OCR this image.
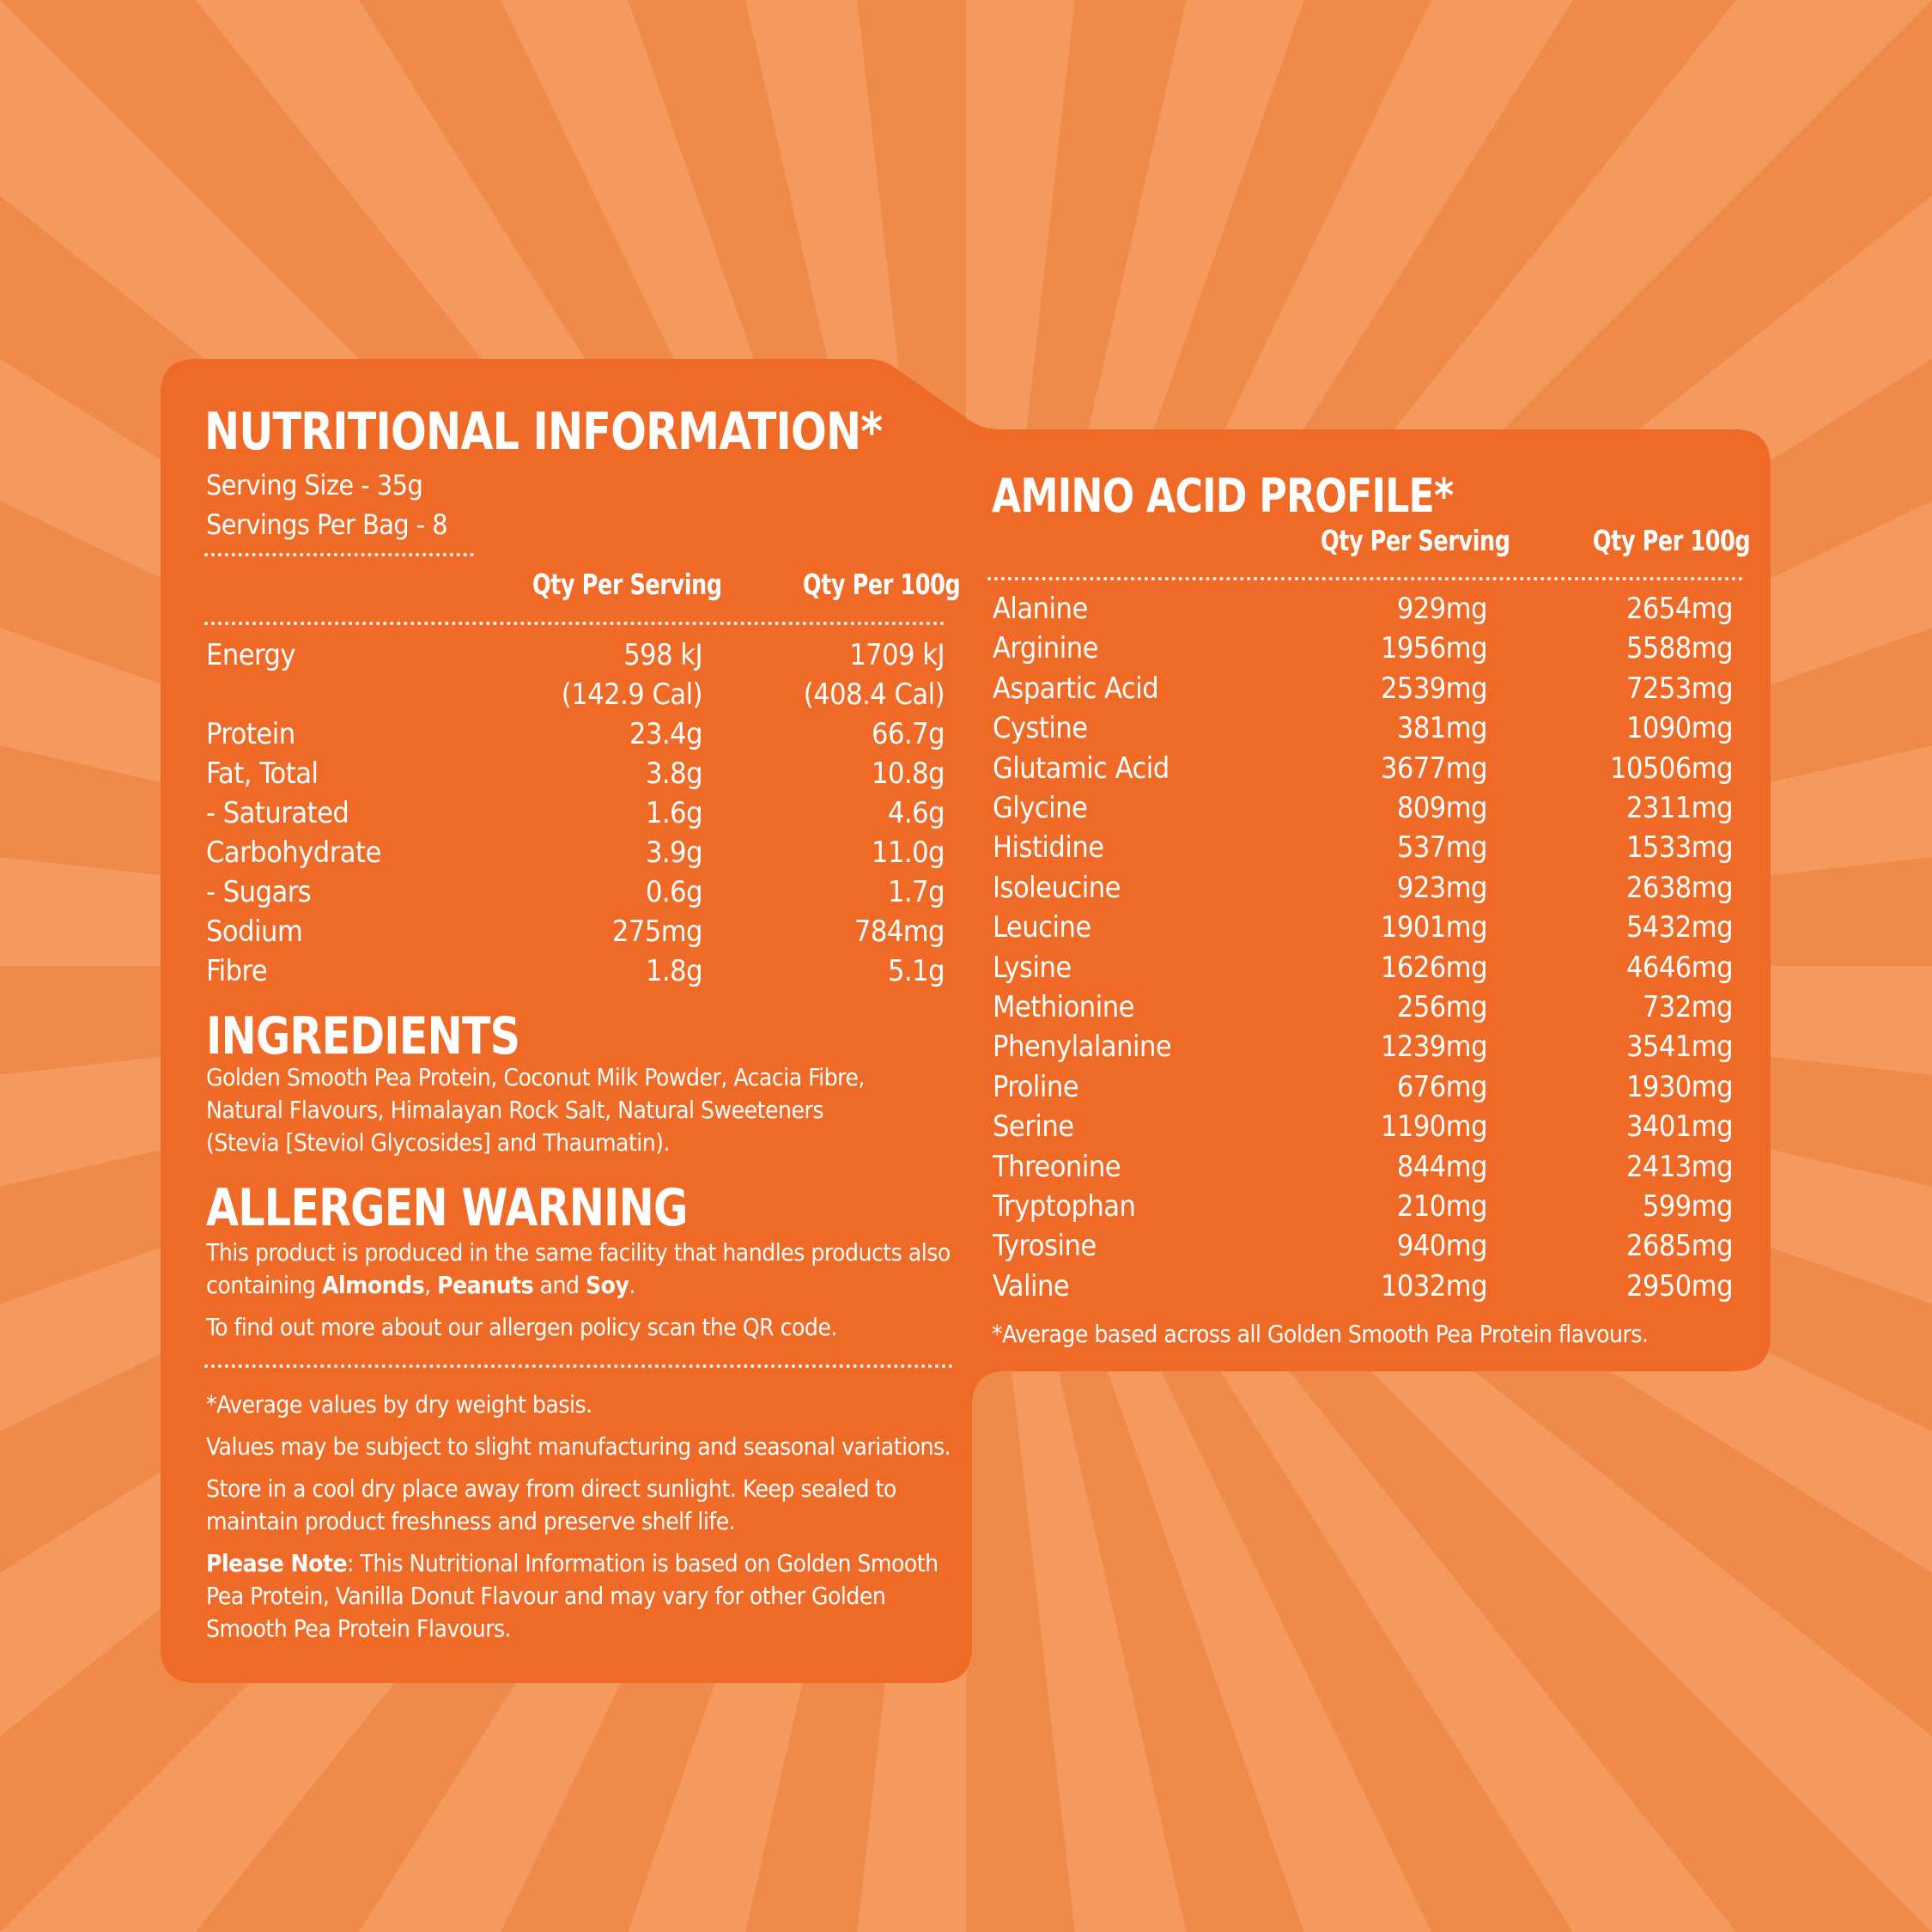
NUTRITIONAL INFORMATION*
Serving Size - 35g
Servings Per Bag - 8
Qty Per Serving	Qty Per 100g
Energy	598 kJ	1709 kJ
(142.9 Cal)	(408.4 Cal)
Protein	23.4g	66.7g
Fat, Total	3.8g	10.8g
- Saturated	1.6g	4.6g
Carbohydrate	3.9g	11.0g
- Sugars	0.6g	1.7g
Sodium	275mg	784mg
Fibre	1.8g	5.1g
INGREDIENTS
Golden Smooth Pea Protein, Coconut Milk Powder, Acacia Fibre,
Natural Flavours, Himalayan Rock Salt, Natural Sweeteners
(Stevia [Steviol Glycosides] and Thaumatin).
ALLERGEN WARNING
This product is produced in the same facility that handles products also
containing Almonds, Peanuts and Soy.
To find out more about our allergen policy scan the QR code.
*Average values by dry weight basis.
Values may be subject to slight manufacturing and seasonal variations.
Store in a cool dry place away from direct sunlight. Keep sealed to
maintain product freshness and preserve shelf life.
Please Note: This Nutritional Information is based on Golden Smooth
Pea Protein, Vanilla Donut Flavour and may vary for other Golden
Smooth Pea Protein Flavours.
AMINO ACID PROFILE*
Qty Per Serving	Qty Per 100g
Alanine	929mg	2654mg
Arginine	1956mg	5588mg
Aspartic Acid	2539mg	7253mg
Cystine	381mg	1090mg
Glutamic Acid	3677mg	10506mg
Glycine	809mg	2311mg
Histidine	537mg	1533mg
Isoleucine	923mg	2638mg
Leucine	1901mg	5432mg
Lysine	1626mg	4646mg
Methionine	256mg	732mg
Phenylalanine	1239mg	3541mg
Proline	676mg	1930mg
Serine	1190mg	3401mg
Threonine	844mg	2413mg
Tryptophan	210mg	599mg
Tyrosine	940mg	2685mg
Valine	1032mg	2950mg
*Average based across all Golden Smooth Pea Protein flavours.
